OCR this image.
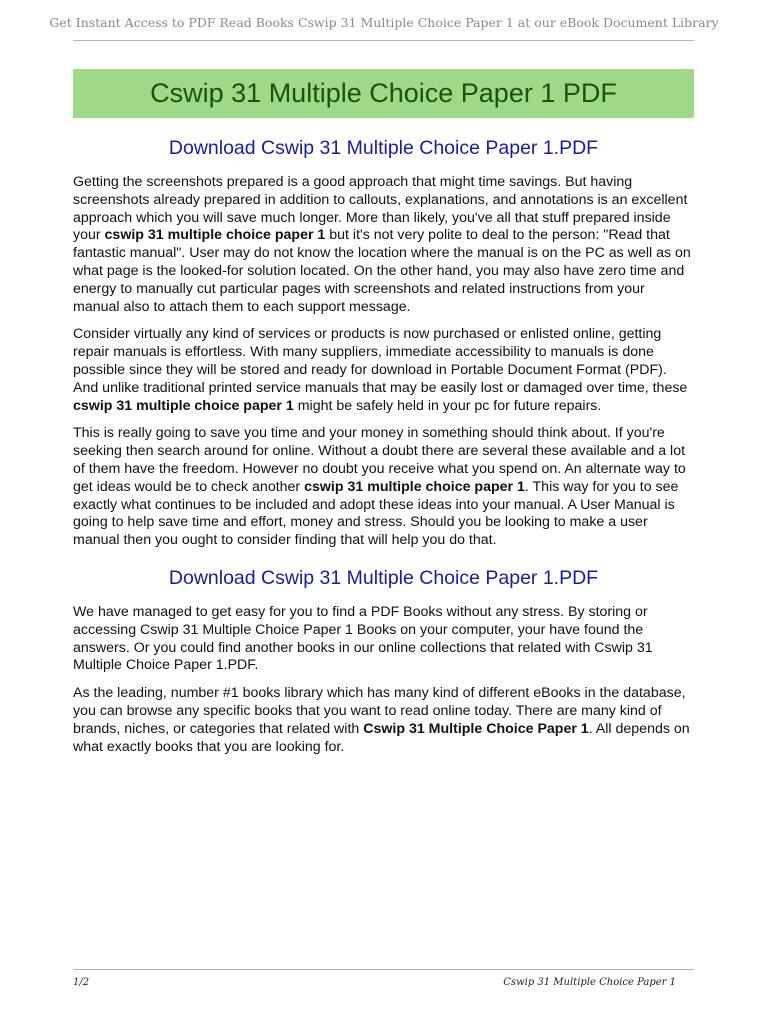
Get Instant Access to PDF Read Books Cswip 31 Multiple Choice Paper 1 at our eBook Document Library
Cswip 31 Multiple Choice Paper 1 PDF
Download Cswip 31 Multiple Choice Paper 1.PDF

Getting the screenshots prepared is a good approach that might time savings. But having screenshots already prepared in addition to callouts, explanations, and annotations is an excellent approach which you will save much longer. More than likely, you've all that stuff prepared inside your cswip 31 multiple choice paper 1 but it's not very polite to deal to the person: "Read that fantastic manual". User may do not know the location where the manual is on the PC as well as on what page is the looked-for solution located. On the other hand, you may also have zero time and energy to manually cut particular pages with screenshots and related instructions from your manual also to attach them to each support message.

Consider virtually any kind of services or products is now purchased or enlisted online, getting repair manuals is effortless. With many suppliers, immediate accessibility to manuals is done possible since they will be stored and ready for download in Portable Document Format (PDF). And unlike traditional printed service manuals that may be easily lost or damaged over time, these cswip 31 multiple choice paper 1 might be safely held in your pc for future repairs.

This is really going to save you time and your money in something should think about. If you're seeking then search around for online. Without a doubt there are several these available and a lot of them have the freedom. However no doubt you receive what you spend on. An alternate way to get ideas would be to check another cswip 31 multiple choice paper 1. This way for you to see exactly what continues to be included and adopt these ideas into your manual. A User Manual is going to help save time and effort, money and stress. Should you be looking to make a user manual then you ought to consider finding that will help you do that.

Download Cswip 31 Multiple Choice Paper 1.PDF

We have managed to get easy for you to find a PDF Books without any stress. By storing or accessing Cswip 31 Multiple Choice Paper 1 Books on your computer, your have found the answers. Or you could find another books in our online collections that related with Cswip 31 Multiple Choice Paper 1.PDF.

As the leading, number #1 books library which has many kind of different eBooks in the database, you can browse any specific books that you want to read online today. There are many kind of brands, niches, or categories that related with Cswip 31 Multiple Choice Paper 1. All depends on what exactly books that you are looking for.

1/2	Cswip 31 Multiple Choice Paper 1
